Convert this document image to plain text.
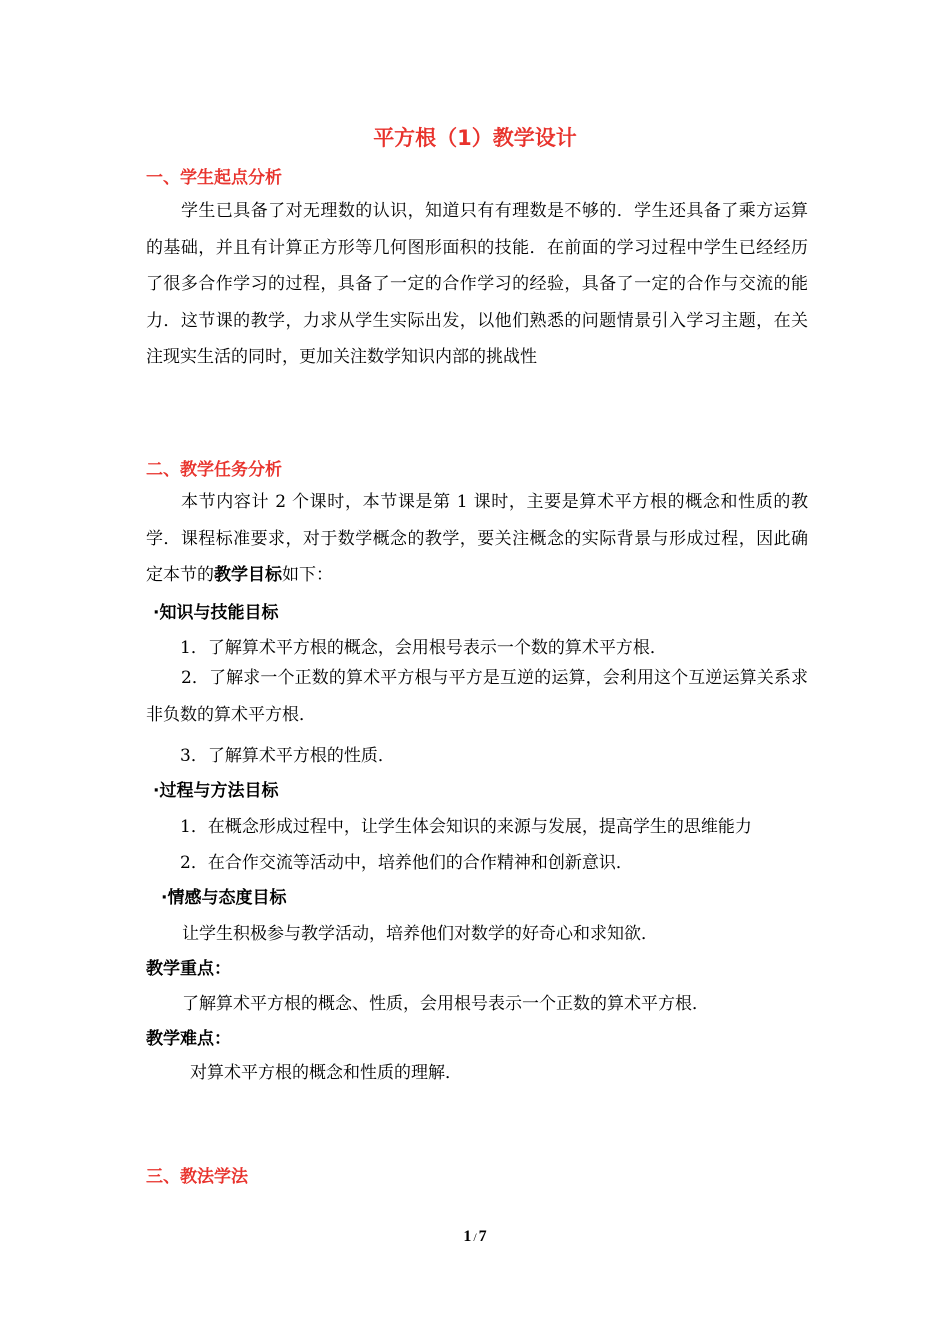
平方根（1）教学设计
一、学生起点分析
学生已具备了对无理数的认识，知道只有有理数是不够的．学生还具备了乘方运算的基础，并且有计算正方形等几何图形面积的技能．在前面的学习过程中学生已经经历了很多合作学习的过程，具备了一定的合作学习的经验，具备了一定的合作与交流的能力．这节课的教学，力求从学生实际出发，以他们熟悉的问题情景引入学习主题，在关注现实生活的同时，更加关注数学知识内部的挑战性
二、教学任务分析
本节内容计 2 个课时，本节课是第 1 课时，主要是算术平方根的概念和性质的教学．课程标准要求，对于数学概念的教学，要关注概念的实际背景与形成过程，因此确定本节的教学目标如下：
·知识与技能目标
1．了解算术平方根的概念，会用根号表示一个数的算术平方根．
2．了解求一个正数的算术平方根与平方是互逆的运算，会利用这个互逆运算关系求非负数的算术平方根．
3．了解算术平方根的性质．
·过程与方法目标
1．在概念形成过程中，让学生体会知识的来源与发展，提高学生的思维能力
2．在合作交流等活动中，培养他们的合作精神和创新意识．
·情感与态度目标
让学生积极参与教学活动，培养他们对数学的好奇心和求知欲．
教学重点：
了解算术平方根的概念、性质，会用根号表示一个正数的算术平方根．
教学难点：
对算术平方根的概念和性质的理解．
三、教法学法
1 / 7
